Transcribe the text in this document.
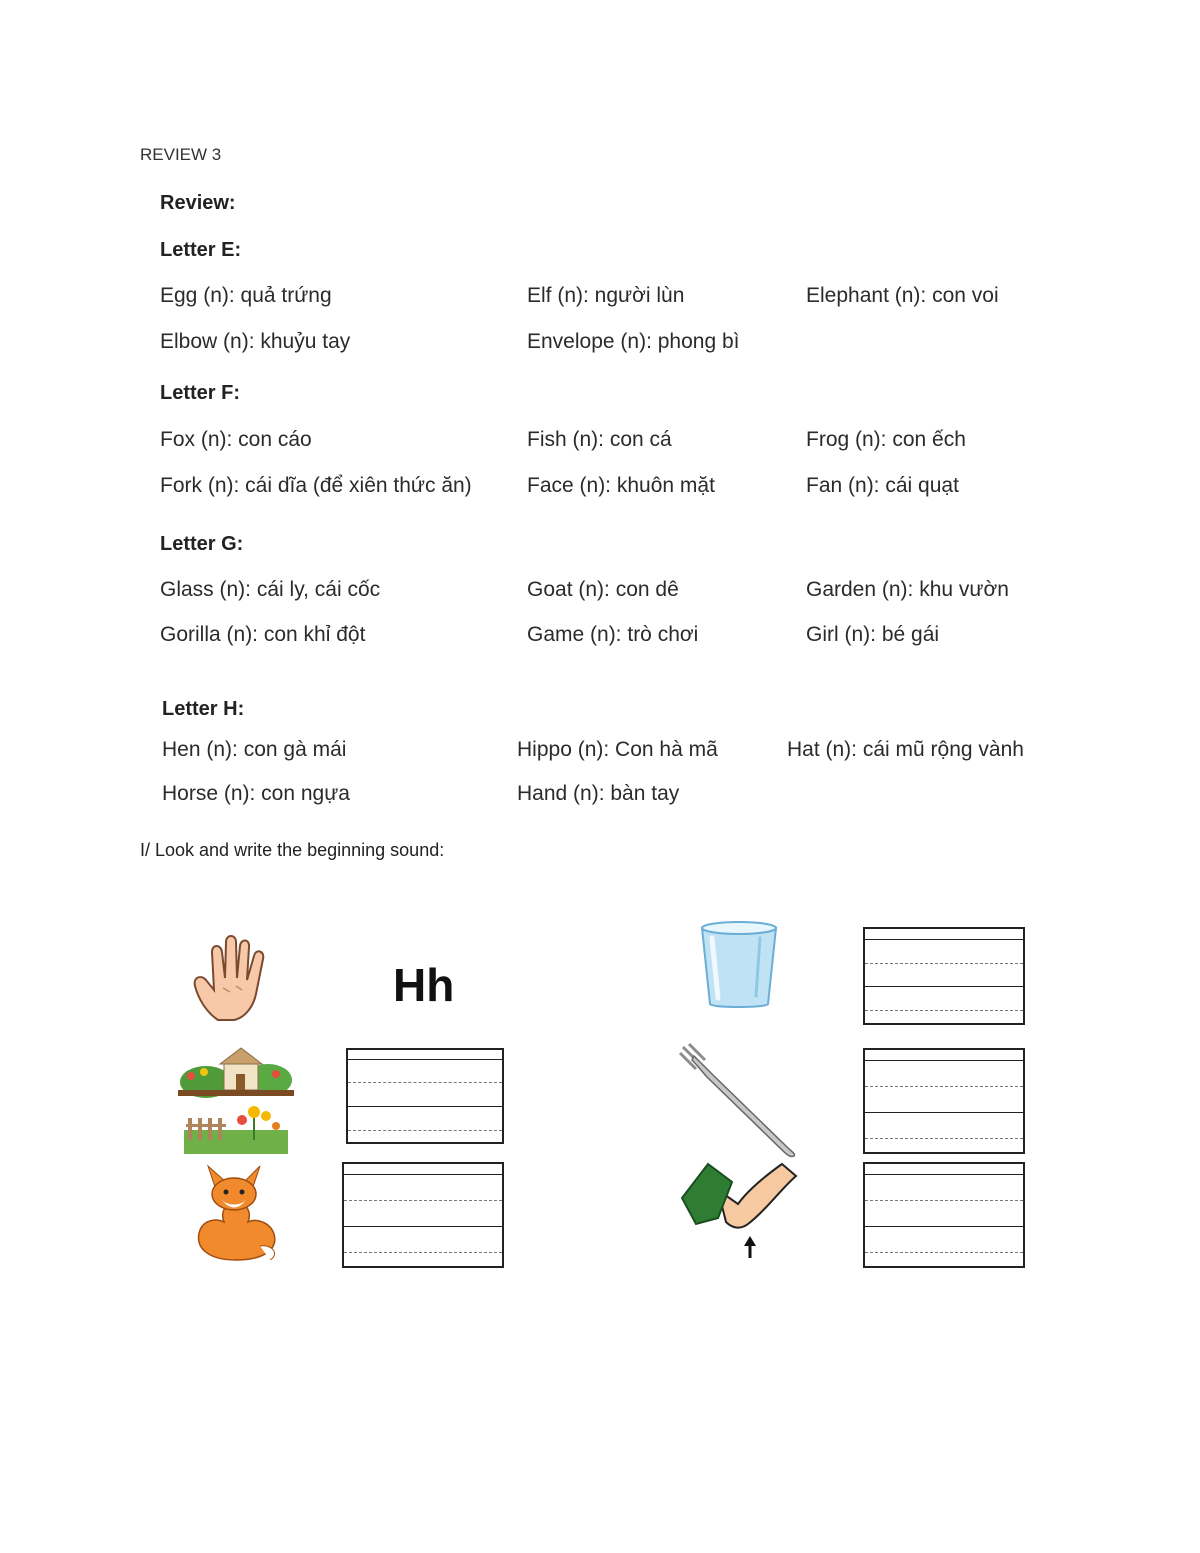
REVIEW 3
Review:
Letter E:
Egg (n): quả trứng	Elf (n): người lùn	Elephant (n): con voi
Elbow (n): khuỷu tay	Envelope (n): phong bì
Letter F:
Fox (n): con cáo	Fish (n): con cá	Frog (n): con ếch
Fork (n): cái dĩa (để xiên thức ăn)	Face (n): khuôn mặt	Fan (n): cái quạt
Letter G:
Glass (n): cái ly, cái cốc	Goat (n): con dê	Garden (n): khu vườn
Gorilla (n): con khỉ đột	Game (n): trò chơi	Girl (n): bé gái
Letter H:
Hen (n): con gà mái	Hippo (n): Con hà mã	Hat (n): cái mũ rộng vành
Horse (n): con ngựa	Hand (n): bàn tay
I/ Look and write the beginning sound:
Hh
